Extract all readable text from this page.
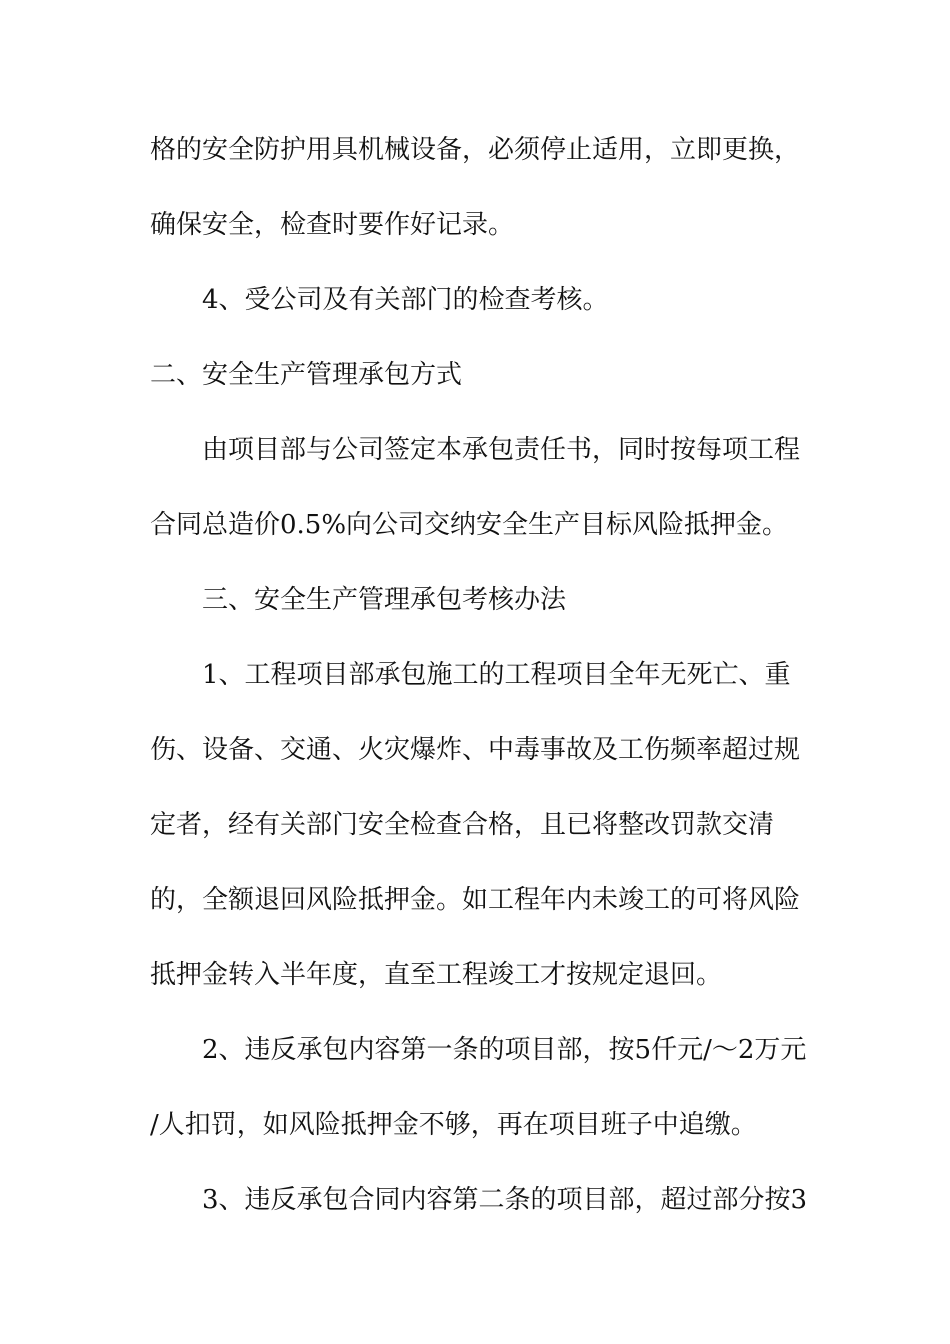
格的安全防护用具机械设备，必须停止适用，立即更换，
确保安全，检查时要作好记录。
4、受公司及有关部门的检查考核。
二、安全生产管理承包方式
由项目部与公司签定本承包责任书，同时按每项工程
合同总造价0.5%向公司交纳安全生产目标风险抵押金。
三、安全生产管理承包考核办法
1、工程项目部承包施工的工程项目全年无死亡、重
伤、设备、交通、火灾爆炸、中毒事故及工伤频率超过规
定者，经有关部门安全检查合格，且已将整改罚款交清
的，全额退回风险抵押金。如工程年内未竣工的可将风险
抵押金转入半年度，直至工程竣工才按规定退回。
2、违反承包内容第一条的项目部，按5仟元/～2万元
/人扣罚，如风险抵押金不够，再在项目班子中追缴。
3、违反承包合同内容第二条的项目部，超过部分按3
